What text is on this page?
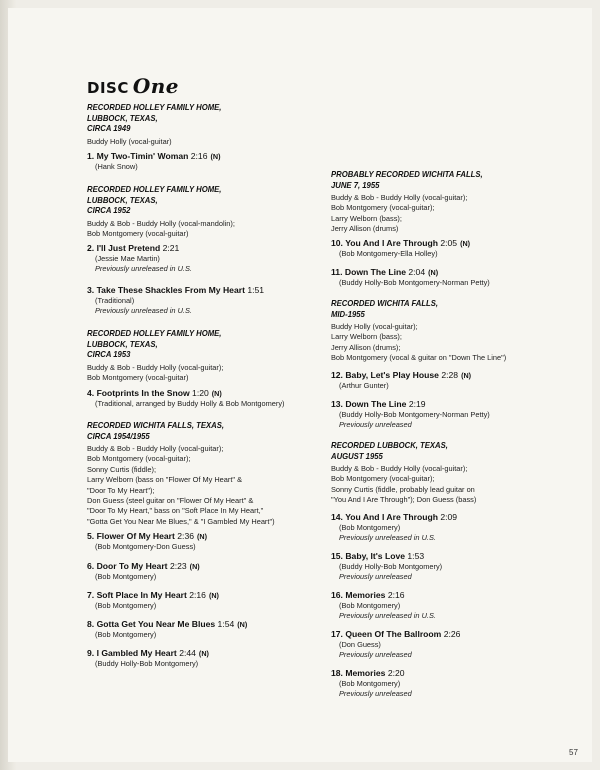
DISC One
RECORDED HOLLEY FAMILY HOME,
LUBBOCK, TEXAS,
CIRCA 1949
Buddy Holly (vocal-guitar)
1. My Two-Timin' Woman 2:16 (N)
(Hank Snow)
RECORDED HOLLEY FAMILY HOME,
LUBBOCK, TEXAS,
CIRCA 1952
Buddy & Bob - Buddy Holly (vocal-mandolin);
Bob Montgomery (vocal-guitar)
2. I'll Just Pretend 2:21
(Jessie Mae Martin)
Previously unreleased in U.S.
3. Take These Shackles From My Heart 1:51
(Traditional)
Previously unreleased in U.S.
RECORDED HOLLEY FAMILY HOME,
LUBBOCK, TEXAS,
CIRCA 1953
Buddy & Bob - Buddy Holly (vocal-guitar);
Bob Montgomery (vocal-guitar)
4. Footprints In the Snow 1:20 (N)
(Traditional, arranged by Buddy Holly & Bob Montgomery)
RECORDED WICHITA FALLS, TEXAS,
CIRCA 1954/1955
Buddy & Bob - Buddy Holly (vocal-guitar);
Bob Montgomery (vocal-guitar);
Sonny Curtis (fiddle);
Larry Welborn (bass on "Flower Of My Heart" &
"Door To My Heart");
Don Guess (steel guitar on "Flower Of My Heart" &
"Door To My Heart," bass on "Soft Place In My Heart,"
"Gotta Get You Near Me Blues," & "I Gambled My Heart")
5. Flower Of My Heart 2:36 (N)
(Bob Montgomery-Don Guess)
6. Door To My Heart 2:23 (N)
(Bob Montgomery)
7. Soft Place In My Heart 2:16 (N)
(Bob Montgomery)
8. Gotta Get You Near Me Blues 1:54 (N)
(Bob Montgomery)
9. I Gambled My Heart 2:44 (N)
(Buddy Holly-Bob Montgomery)
PROBABLY RECORDED WICHITA FALLS,
JUNE 7, 1955
Buddy & Bob - Buddy Holly (vocal-guitar);
Bob Montgomery (vocal-guitar);
Larry Welborn (bass);
Jerry Allison (drums)
10. You And I Are Through 2:05 (N)
(Bob Montgomery-Ella Holley)
11. Down The Line 2:04 (N)
(Buddy Holly-Bob Montgomery-Norman Petty)
RECORDED WICHITA FALLS,
MID-1955
Buddy Holly (vocal-guitar);
Larry Welborn (bass);
Jerry Allison (drums);
Bob Montgomery (vocal & guitar on "Down The Line")
12. Baby, Let's Play House 2:28 (N)
(Arthur Gunter)
13. Down The Line 2:19
(Buddy Holly-Bob Montgomery-Norman Petty)
Previously unreleased
RECORDED LUBBOCK, TEXAS,
AUGUST 1955
Buddy & Bob - Buddy Holly (vocal-guitar);
Bob Montgomery (vocal-guitar);
Sonny Curtis (fiddle, probably lead guitar on
"You And I Are Through"); Don Guess (bass)
14. You And I Are Through 2:09
(Bob Montgomery)
Previously unreleased in U.S.
15. Baby, It's Love 1:53
(Buddy Holly-Bob Montgomery)
Previously unreleased
16. Memories 2:16
(Bob Montgomery)
Previously unreleased in U.S.
17. Queen Of The Ballroom 2:26
(Don Guess)
Previously unreleased
18. Memories 2:20
(Bob Montgomery)
Previously unreleased
57
